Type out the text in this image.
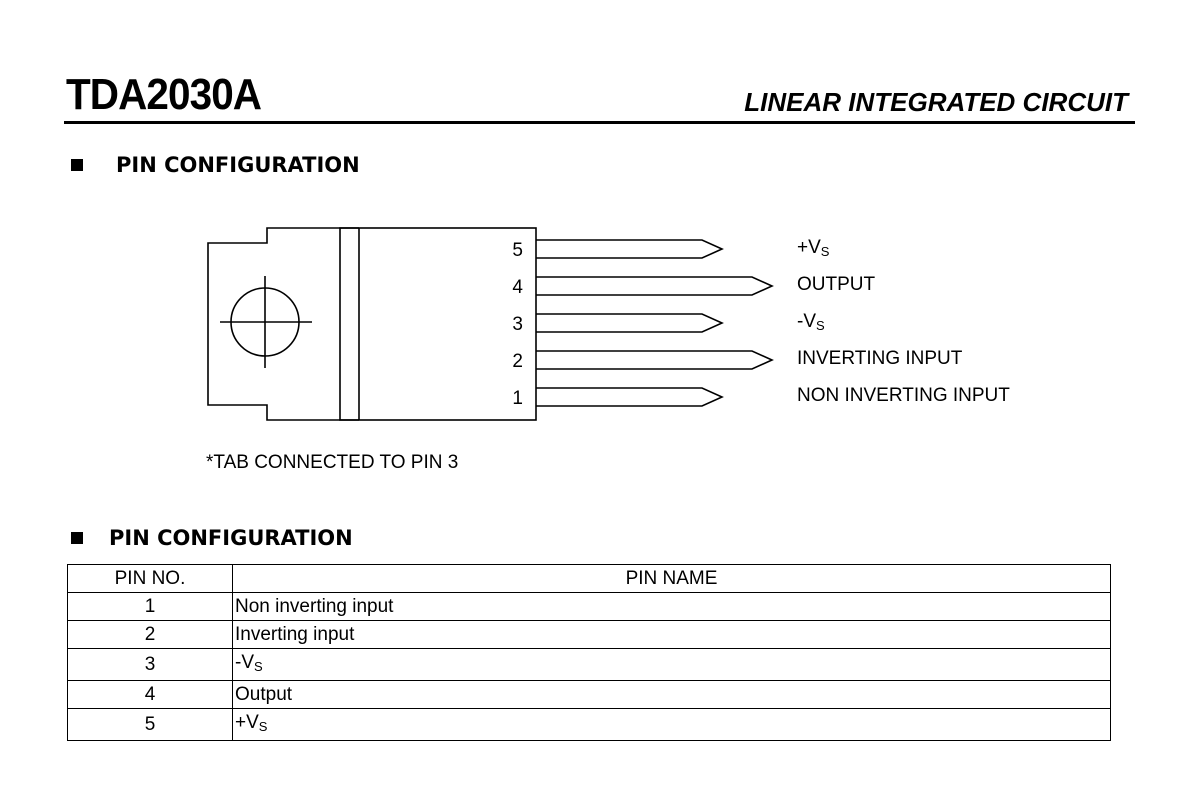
TDA2030A	LINEAR INTEGRATED CIRCUIT
PIN CONFIGURATION
5
4
3
2
1
$+V_S$
OUTPUT
$-V_S$
INVERTING INPUT
NON INVERTING INPUT
*TAB CONNECTED TO PIN 3
PIN CONFIGURATION
PIN NO.	PIN NAME
1	Non inverting input
2	Inverting input
3	$-V_S$
4	Output
5	$+V_S$
